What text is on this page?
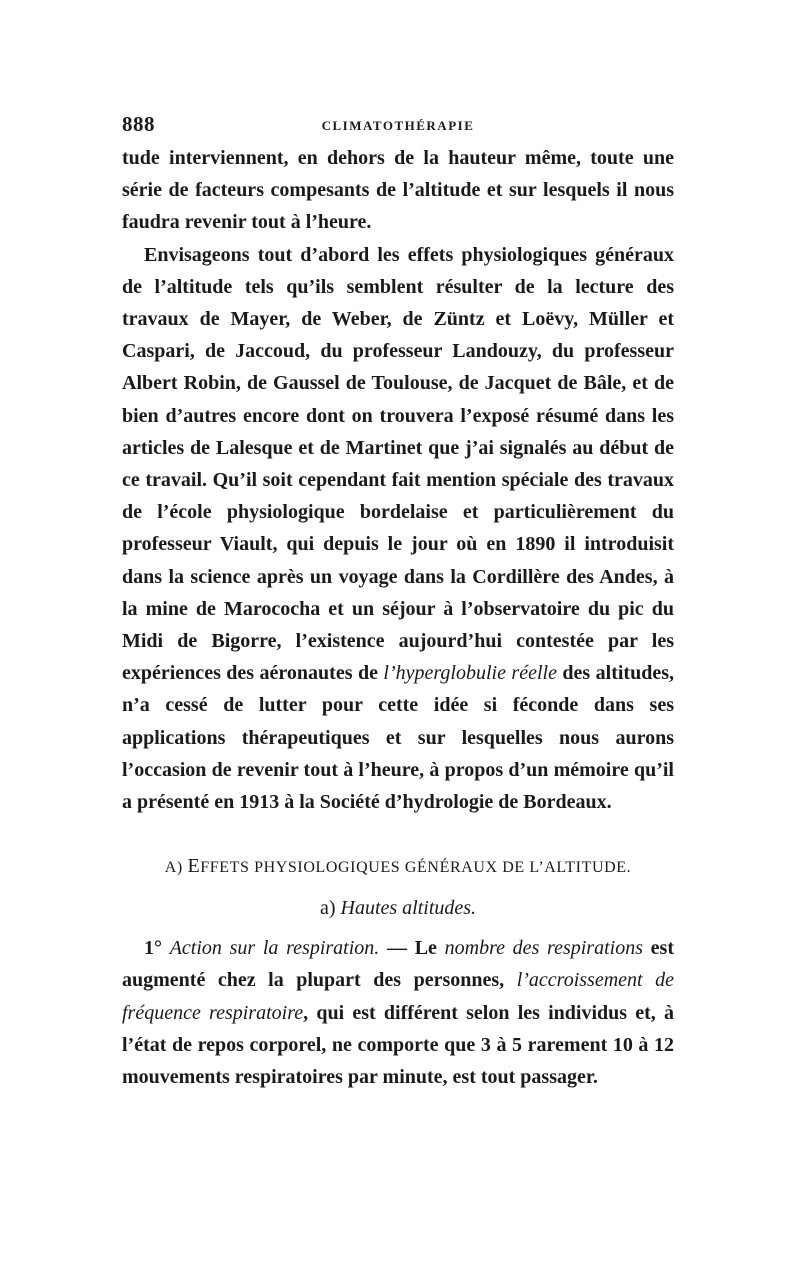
888	CLIMATOTHÉRAPIE

tude interviennent, en dehors de la hauteur même, toute une série de facteurs compesants de l’altitude et sur lesquels il nous faudra revenir tout à l’heure.

Envisageons tout d’abord les effets physiologiques généraux de l’altitude tels qu’ils semblent résulter de la lecture des travaux de Mayer, de Weber, de Züntz et Loëvy, Müller et Caspari, de Jaccoud, du professeur Landouzy, du professeur Albert Robin, de Gaussel de Toulouse, de Jacquet de Bâle, et de bien d’autres encore dont on trouvera l’exposé résumé dans les articles de Lalesque et de Martinet que j’ai signalés au début de ce travail. Qu’il soit cependant fait mention spéciale des travaux de l’école physiologique bordelaise et particulièrement du professeur Viault, qui depuis le jour où en 1890 il introduisit dans la science après un voyage dans la Cordillère des Andes, à la mine de Marococha et un séjour à l’observatoire du pic du Midi de Bigorre, l’existence aujourd’hui contestée par les expériences des aéronautes de l’hyperglobulie réelle des altitudes, n’a cessé de lutter pour cette idée si féconde dans ses applications thérapeutiques et sur lesquelles nous aurons l’occasion de revenir tout à l’heure, à propos d’un mémoire qu’il a présenté en 1913 à la Société d’hydrologie de Bordeaux.

A) EFFETS PHYSIOLOGIQUES GÉNÉRAUX DE L’ALTITUDE.
a) Hautes altitudes.

1° Action sur la respiration. — Le nombre des respirations est augmenté chez la plupart des personnes, l’accroissement de fréquence respiratoire, qui est différent selon les individus et, à l’état de repos corporel, ne comporte que 3 à 5 rarement 10 à 12 mouvements respiratoires par minute, est tout passager.
